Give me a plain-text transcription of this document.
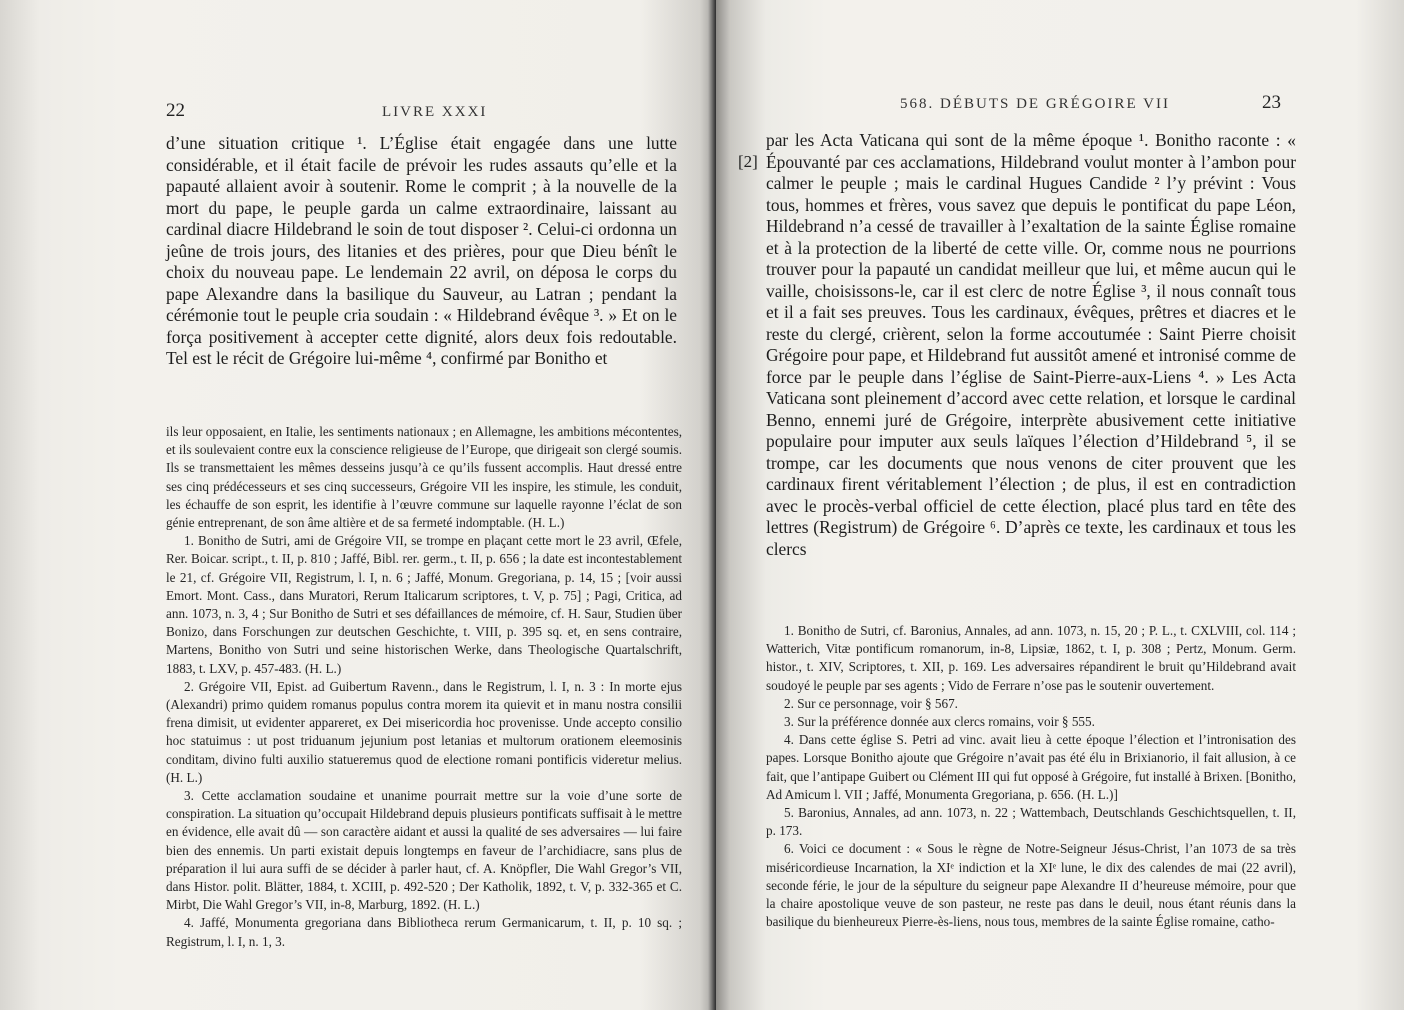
22	LIVRE XXXI

d’une situation critique ¹. L’Église était engagée dans une lutte considérable, et il était facile de prévoir les rudes assauts qu’elle et la papauté allaient avoir à soutenir. Rome le comprit ; à la nouvelle de la mort du pape, le peuple garda un calme extraordinaire, laissant au cardinal diacre Hildebrand le soin de tout disposer ². Celui-ci ordonna un jeûne de trois jours, des litanies et des prières, pour que Dieu bénît le choix du nouveau pape. Le lendemain 22 avril, on déposa le corps du pape Alexandre dans la basilique du Sauveur, au Latran ; pendant la cérémonie tout le peuple cria soudain : « Hildebrand évêque ³. » Et on le força positivement à accepter cette dignité, alors deux fois redoutable. Tel est le récit de Grégoire lui-même ⁴, confirmé par Bonitho et

ils leur opposaient, en Italie, les sentiments nationaux ; en Allemagne, les ambitions mécontentes, et ils soulevaient contre eux la conscience religieuse de l’Europe, que dirigeait son clergé soumis. Ils se transmettaient les mêmes desseins jusqu’à ce qu’ils fussent accomplis. Haut dressé entre ses cinq prédécesseurs et ses cinq successeurs, Grégoire VII les inspire, les stimule, les conduit, les échauffe de son esprit, les identifie à l’œuvre commune sur laquelle rayonne l’éclat de son génie entreprenant, de son âme altière et de sa fermeté indomptable. (H. L.)

1. Bonitho de Sutri, ami de Grégoire VII, se trompe en plaçant cette mort le 23 avril, Œfele, Rer. Boicar. script., t. II, p. 810 ; Jaffé, Bibl. rer. germ., t. II, p. 656 ; la date est incontestablement le 21, cf. Grégoire VII, Registrum, l. I, n. 6 ; Jaffé, Monum. Gregoriana, p. 14, 15 ; [voir aussi Emort. Mont. Cass., dans Muratori, Rerum Italicarum scriptores, t. V, p. 75] ; Pagi, Critica, ad ann. 1073, n. 3, 4 ; Sur Bonitho de Sutri et ses défaillances de mémoire, cf. H. Saur, Studien über Bonizo, dans Forschungen zur deutschen Geschichte, t. VIII, p. 395 sq. et, en sens contraire, Martens, Bonitho von Sutri und seine historischen Werke, dans Theologische Quartalschrift, 1883, t. LXV, p. 457-483. (H. L.)

2. Grégoire VII, Epist. ad Guibertum Ravenn., dans le Registrum, l. I, n. 3 : In morte ejus (Alexandri) primo quidem romanus populus contra morem ita quievit et in manu nostra consilii frena dimisit, ut evidenter appareret, ex Dei misericordia hoc provenisse. Unde accepto consilio hoc statuimus : ut post triduanum jejunium post letanias et multorum orationem eleemosinis conditam, divino fulti auxilio statueremus quod de electione romani pontificis videretur melius. (H. L.)

3. Cette acclamation soudaine et unanime pourrait mettre sur la voie d’une sorte de conspiration. La situation qu’occupait Hildebrand depuis plusieurs pontificats suffisait à le mettre en évidence, elle avait dû — son caractère aidant et aussi la qualité de ses adversaires — lui faire bien des ennemis. Un parti existait depuis longtemps en faveur de l’archidiacre, sans plus de préparation il lui aura suffi de se décider à parler haut, cf. A. Knöpfler, Die Wahl Gregor’s VII, dans Histor. polit. Blätter, 1884, t. XCIII, p. 492-520 ; Der Katholik, 1892, t. V, p. 332-365 et C. Mirbt, Die Wahl Gregor’s VII, in-8, Marburg, 1892. (H. L.)

4. Jaffé, Monumenta gregoriana dans Bibliotheca rerum Germanicarum, t. II, p. 10 sq. ; Registrum, l. I, n. 1, 3.

568. DÉBUTS DE GRÉGOIRE VII	23
[2]

par les Acta Vaticana qui sont de la même époque ¹. Bonitho raconte : « Épouvanté par ces acclamations, Hildebrand voulut monter à l’ambon pour calmer le peuple ; mais le cardinal Hugues Candide ² l’y prévint : Vous tous, hommes et frères, vous savez que depuis le pontificat du pape Léon, Hildebrand n’a cessé de travailler à l’exaltation de la sainte Église romaine et à la protection de la liberté de cette ville. Or, comme nous ne pourrions trouver pour la papauté un candidat meilleur que lui, et même aucun qui le vaille, choisissons-le, car il est clerc de notre Église ³, il nous connaît tous et il a fait ses preuves. Tous les cardinaux, évêques, prêtres et diacres et le reste du clergé, crièrent, selon la forme accoutumée : Saint Pierre choisit Grégoire pour pape, et Hildebrand fut aussitôt amené et intronisé comme de force par le peuple dans l’église de Saint-Pierre-aux-Liens ⁴. » Les Acta Vaticana sont pleinement d’accord avec cette relation, et lorsque le cardinal Benno, ennemi juré de Grégoire, interprète abusivement cette initiative populaire pour imputer aux seuls laïques l’élection d’Hildebrand ⁵, il se trompe, car les documents que nous venons de citer prouvent que les cardinaux firent véritablement l’élection ; de plus, il est en contradiction avec le procès-verbal officiel de cette élection, placé plus tard en tête des lettres (Registrum) de Grégoire ⁶. D’après ce texte, les cardinaux et tous les clercs

1. Bonitho de Sutri, cf. Baronius, Annales, ad ann. 1073, n. 15, 20 ; P. L., t. CXLVIII, col. 114 ; Watterich, Vitæ pontificum romanorum, in-8, Lipsiæ, 1862, t. I, p. 308 ; Pertz, Monum. Germ. histor., t. XIV, Scriptores, t. XII, p. 169. Les adversaires répandirent le bruit qu’Hildebrand avait soudoyé le peuple par ses agents ; Vido de Ferrare n’ose pas le soutenir ouvertement.

2. Sur ce personnage, voir § 567.

3. Sur la préférence donnée aux clercs romains, voir § 555.

4. Dans cette église S. Petri ad vinc. avait lieu à cette époque l’élection et l’intronisation des papes. Lorsque Bonitho ajoute que Grégoire n’avait pas été élu in Brixianorio, il fait allusion, à ce fait, que l’antipape Guibert ou Clément III qui fut opposé à Grégoire, fut installé à Brixen. [Bonitho, Ad Amicum l. VII ; Jaffé, Monumenta Gregoriana, p. 656. (H. L.)]

5. Baronius, Annales, ad ann. 1073, n. 22 ; Wattembach, Deutschlands Geschichtsquellen, t. II, p. 173.

6. Voici ce document : « Sous le règne de Notre-Seigneur Jésus-Christ, l’an 1073 de sa très miséricordieuse Incarnation, la XIᵉ indiction et la XIᵉ lune, le dix des calendes de mai (22 avril), seconde férie, le jour de la sépulture du seigneur pape Alexandre II d’heureuse mémoire, pour que la chaire apostolique veuve de son pasteur, ne reste pas dans le deuil, nous étant réunis dans la basilique du bienheureux Pierre-ès-liens, nous tous, membres de la sainte Église romaine, catho-
